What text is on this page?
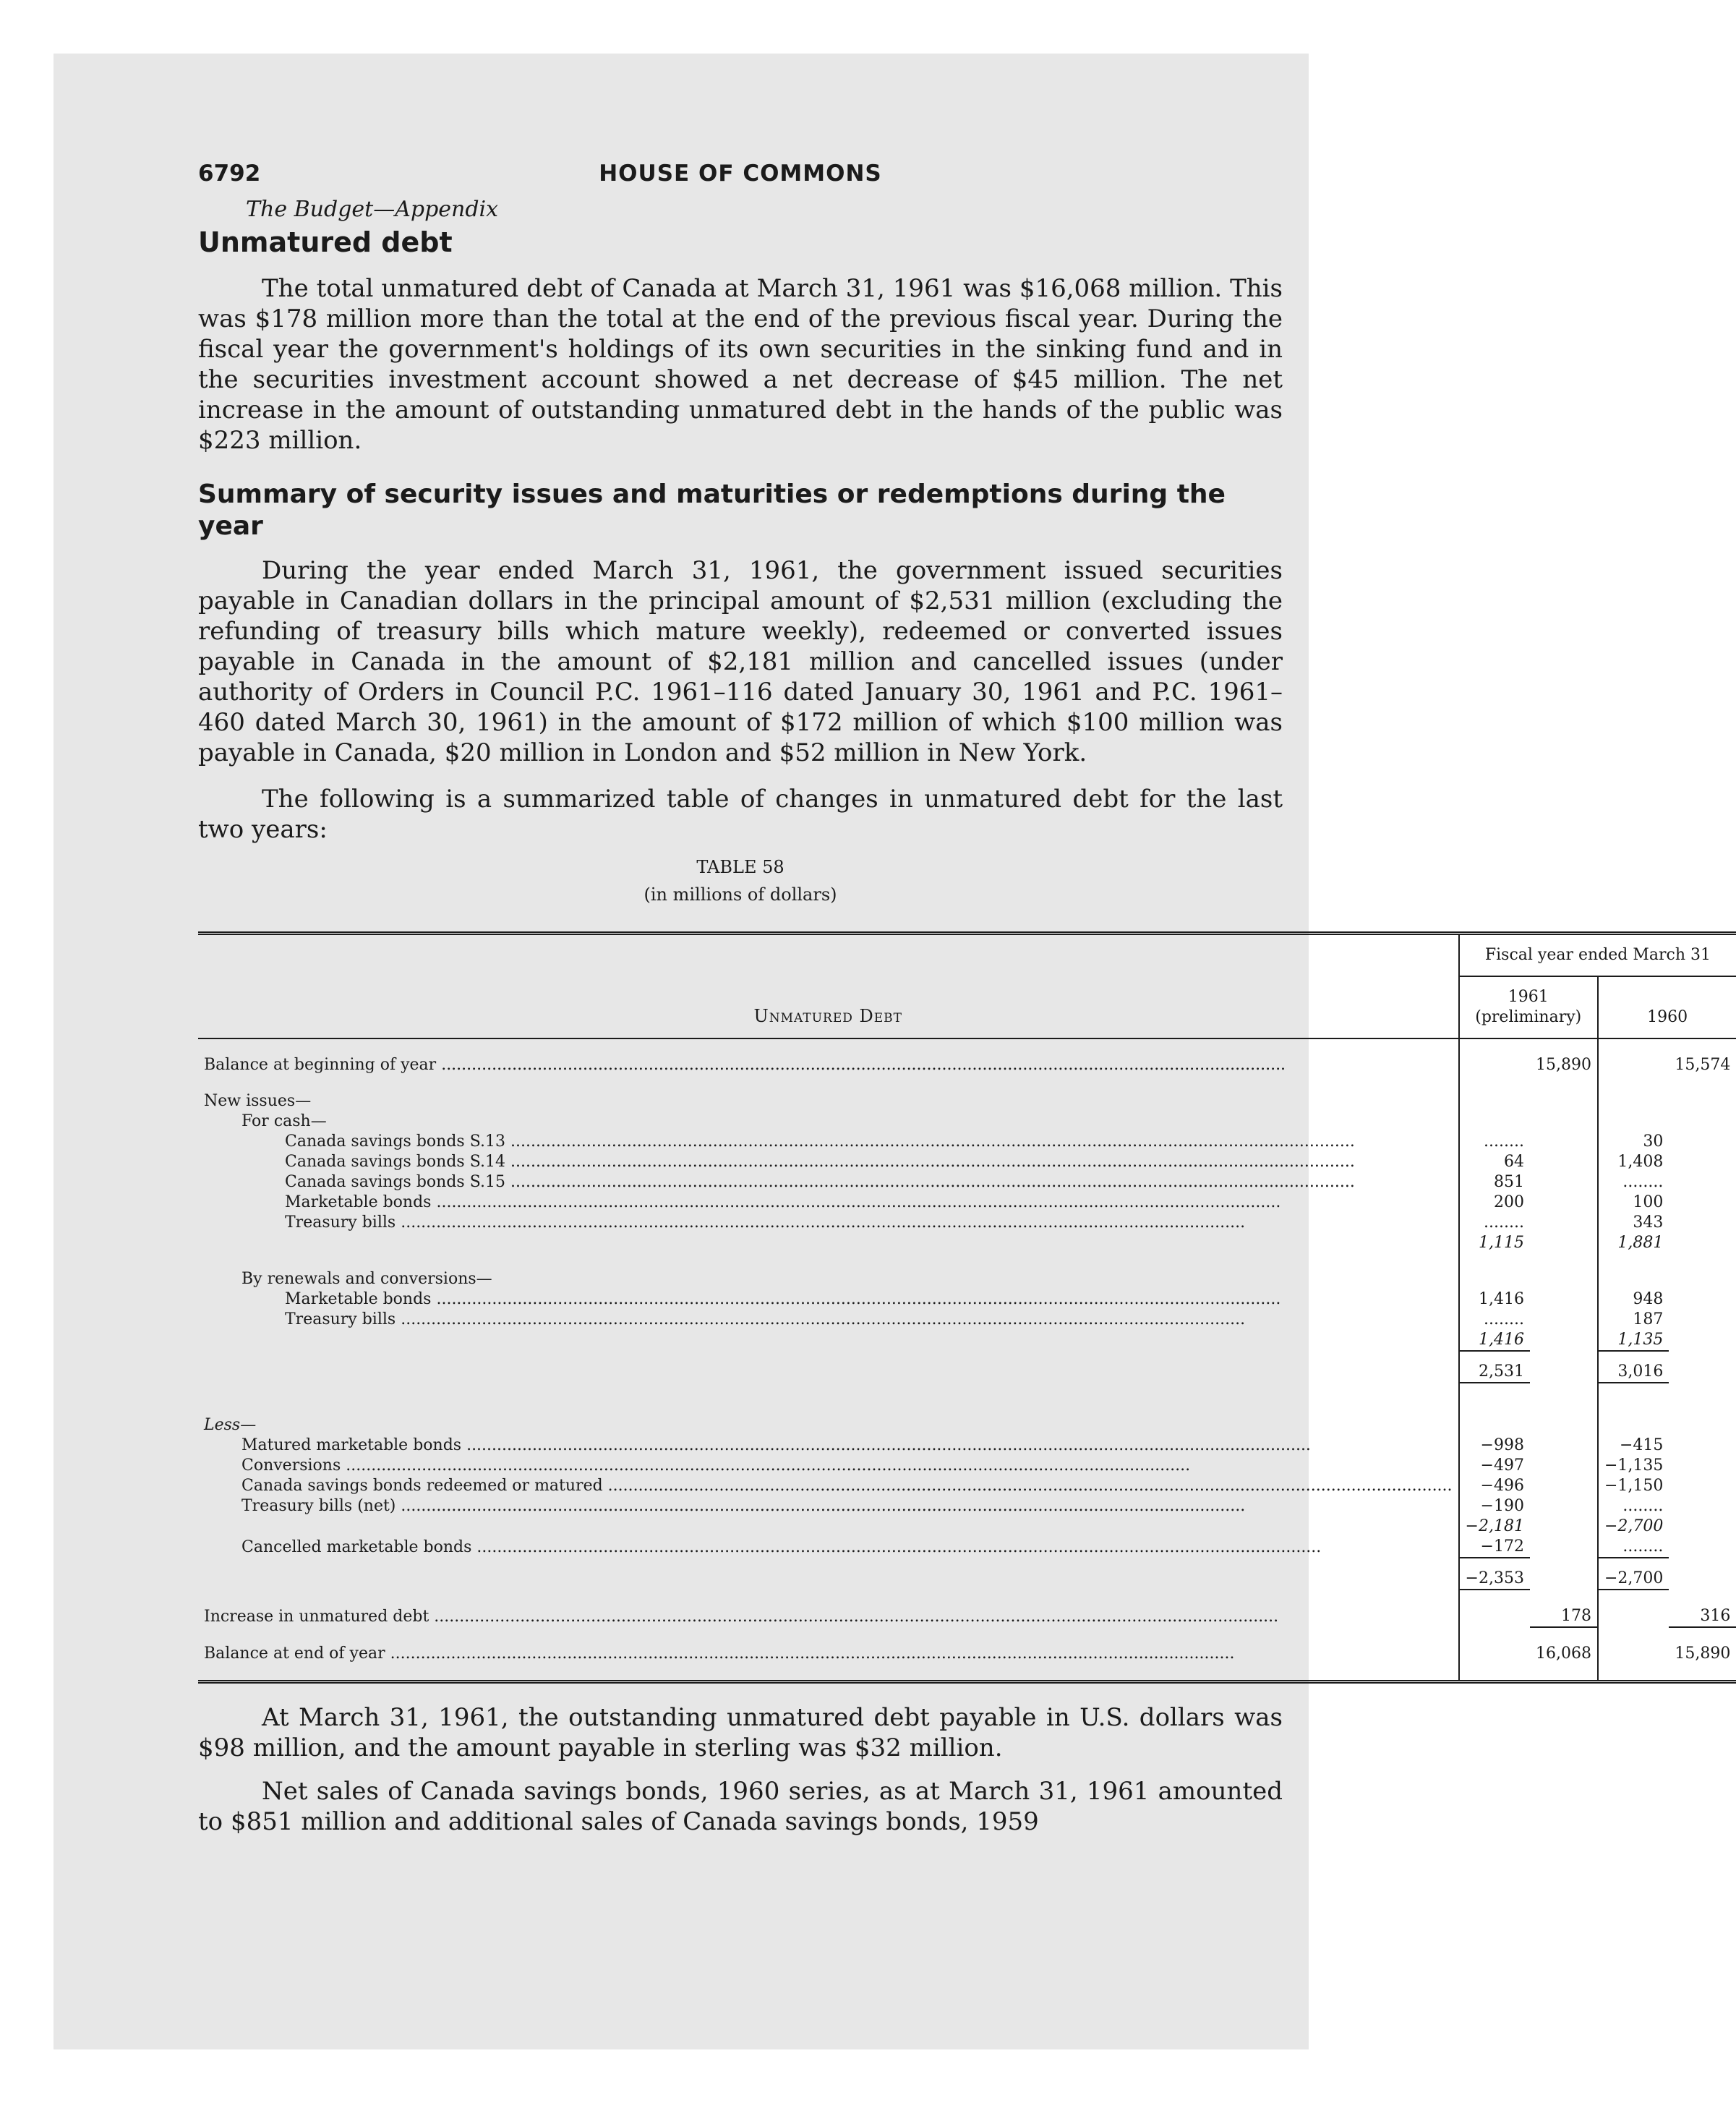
6792	HOUSE OF COMMONS
The Budget—Appendix
Unmatured debt

The total unmatured debt of Canada at March 31, 1961 was $16,068 million. This was $178 million more than the total at the end of the previous fiscal year. During the fiscal year the government's holdings of its own securities in the sinking fund and in the securities investment account showed a net decrease of $45 million. The net increase in the amount of outstanding unmatured debt in the hands of the public was $223 million.

Summary of security issues and maturities or redemptions during the year

During the year ended March 31, 1961, the government issued securities payable in Canadian dollars in the principal amount of $2,531 million (excluding the refunding of treasury bills which mature weekly), redeemed or converted issues payable in Canada in the amount of $2,181 million and cancelled issues (under authority of Orders in Council P.C. 1961–116 dated January 30, 1961 and P.C. 1961–460 dated March 30, 1961) in the amount of $172 million of which $100 million was payable in Canada, $20 million in London and $52 million in New York.

The following is a summarized table of changes in unmatured debt for the last two years:

TABLE 58
(in millions of dollars)
Unmatured Debt	Fiscal year ended March 31			

	1961
(preliminary)		1960	

Balance at beginning of year .....		15,890		15,574

New issues—				
For cash—				
Canada savings bonds S.13 .....	........		30	
Canada savings bonds S.14 .....	64		1,408	
Canada savings bonds S.15 .....	851		........	
Marketable bonds .....	200		100	
Treasury bills .....	........		343	
	1,115		1,881	

By renewals and conversions—				
Marketable bonds .....	1,416		948	
Treasury bills .....	........		187	
	1,416		1,135	
	2,531		3,016	

Less—				
Matured marketable bonds .....	−998		−415	
Conversions .....	−497		−1,135	
Canada savings bonds redeemed or matured .....	−496		−1,150	
Treasury bills (net) .....	−190		........	
	−2,181		−2,700	
Cancelled marketable bonds .....	−172		........	
	−2,353		−2,700	

Increase in unmatured debt .....		178		316

Balance at end of year .....		16,068		15,890

At March 31, 1961, the outstanding unmatured debt payable in U.S. dollars was $98 million, and the amount payable in sterling was $32 million.

Net sales of Canada savings bonds, 1960 series, as at March 31, 1961 amounted to $851 million and additional sales of Canada savings bonds, 1959
